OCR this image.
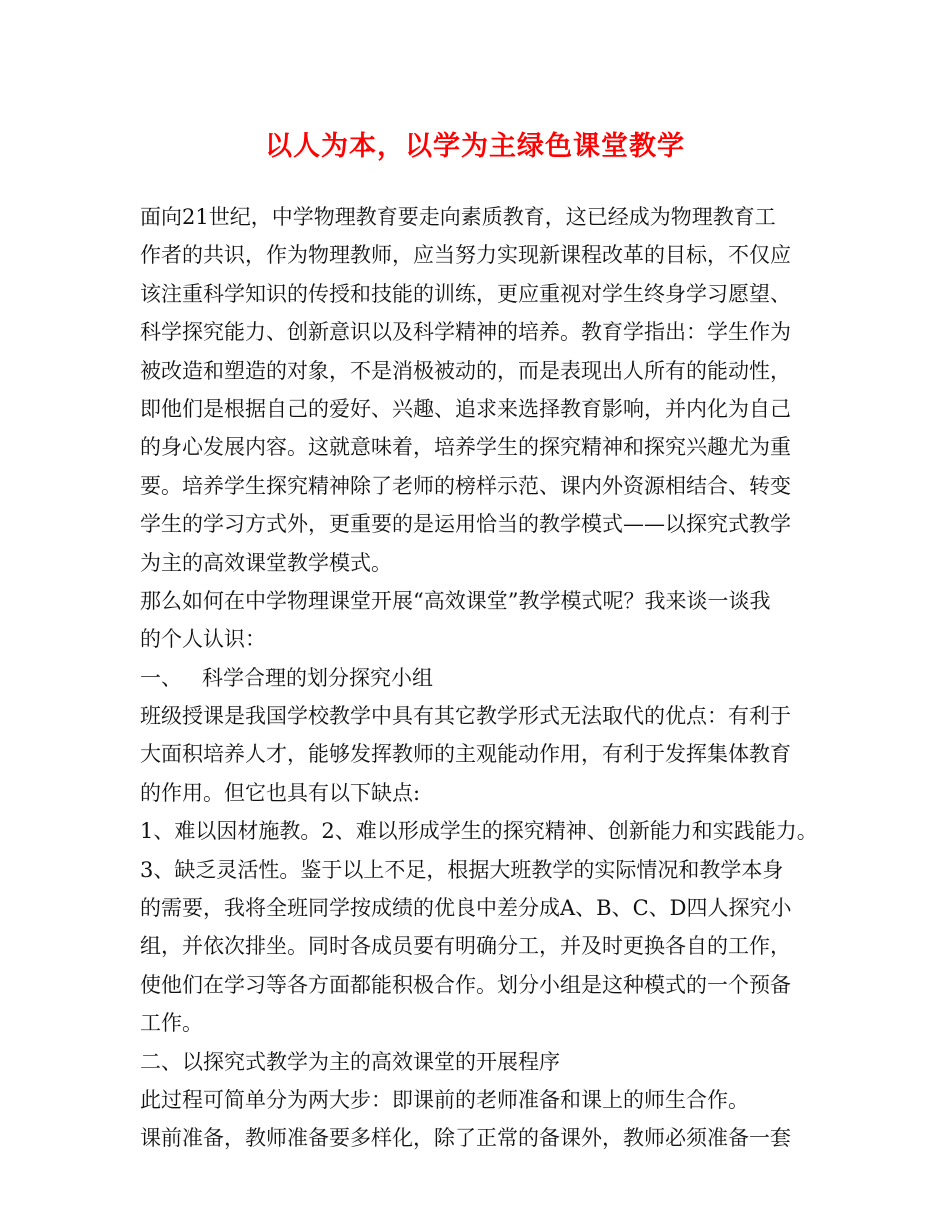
以人为本，以学为主绿色课堂教学
面向21世纪，中学物理教育要走向素质教育，这已经成为物理教育工
作者的共识，作为物理教师，应当努力实现新课程改革的目标，不仅应
该注重科学知识的传授和技能的训练，更应重视对学生终身学习愿望、
科学探究能力、创新意识以及科学精神的培养。教育学指出：学生作为
被改造和塑造的对象，不是消极被动的，而是表现出人所有的能动性，
即他们是根据自己的爱好、兴趣、追求来选择教育影响，并内化为自己
的身心发展内容。这就意味着，培养学生的探究精神和探究兴趣尤为重
要。培养学生探究精神除了老师的榜样示范、课内外资源相结合、转变
学生的学习方式外，更重要的是运用恰当的教学模式——以探究式教学
为主的高效课堂教学模式。
那么如何在中学物理课堂开展“高效课堂”教学模式呢？我来谈一谈我
的个人认识：
一、 科学合理的划分探究小组
班级授课是我国学校教学中具有其它教学形式无法取代的优点：有利于
大面积培养人才，能够发挥教师的主观能动作用，有利于发挥集体教育
的作用。但它也具有以下缺点:
1、难以因材施教。2、难以形成学生的探究精神、创新能力和实践能力。
3、缺乏灵活性。鉴于以上不足，根据大班教学的实际情况和教学本身
的需要，我将全班同学按成绩的优良中差分成A、B、C、D四人探究小
组，并依次排坐。同时各成员要有明确分工，并及时更换各自的工作，
使他们在学习等各方面都能积极合作。划分小组是这种模式的一个预备
工作。
二、以探究式教学为主的高效课堂的开展程序
此过程可简单分为两大步：即课前的老师准备和课上的师生合作。
课前准备，教师准备要多样化，除了正常的备课外，教师必须准备一套
